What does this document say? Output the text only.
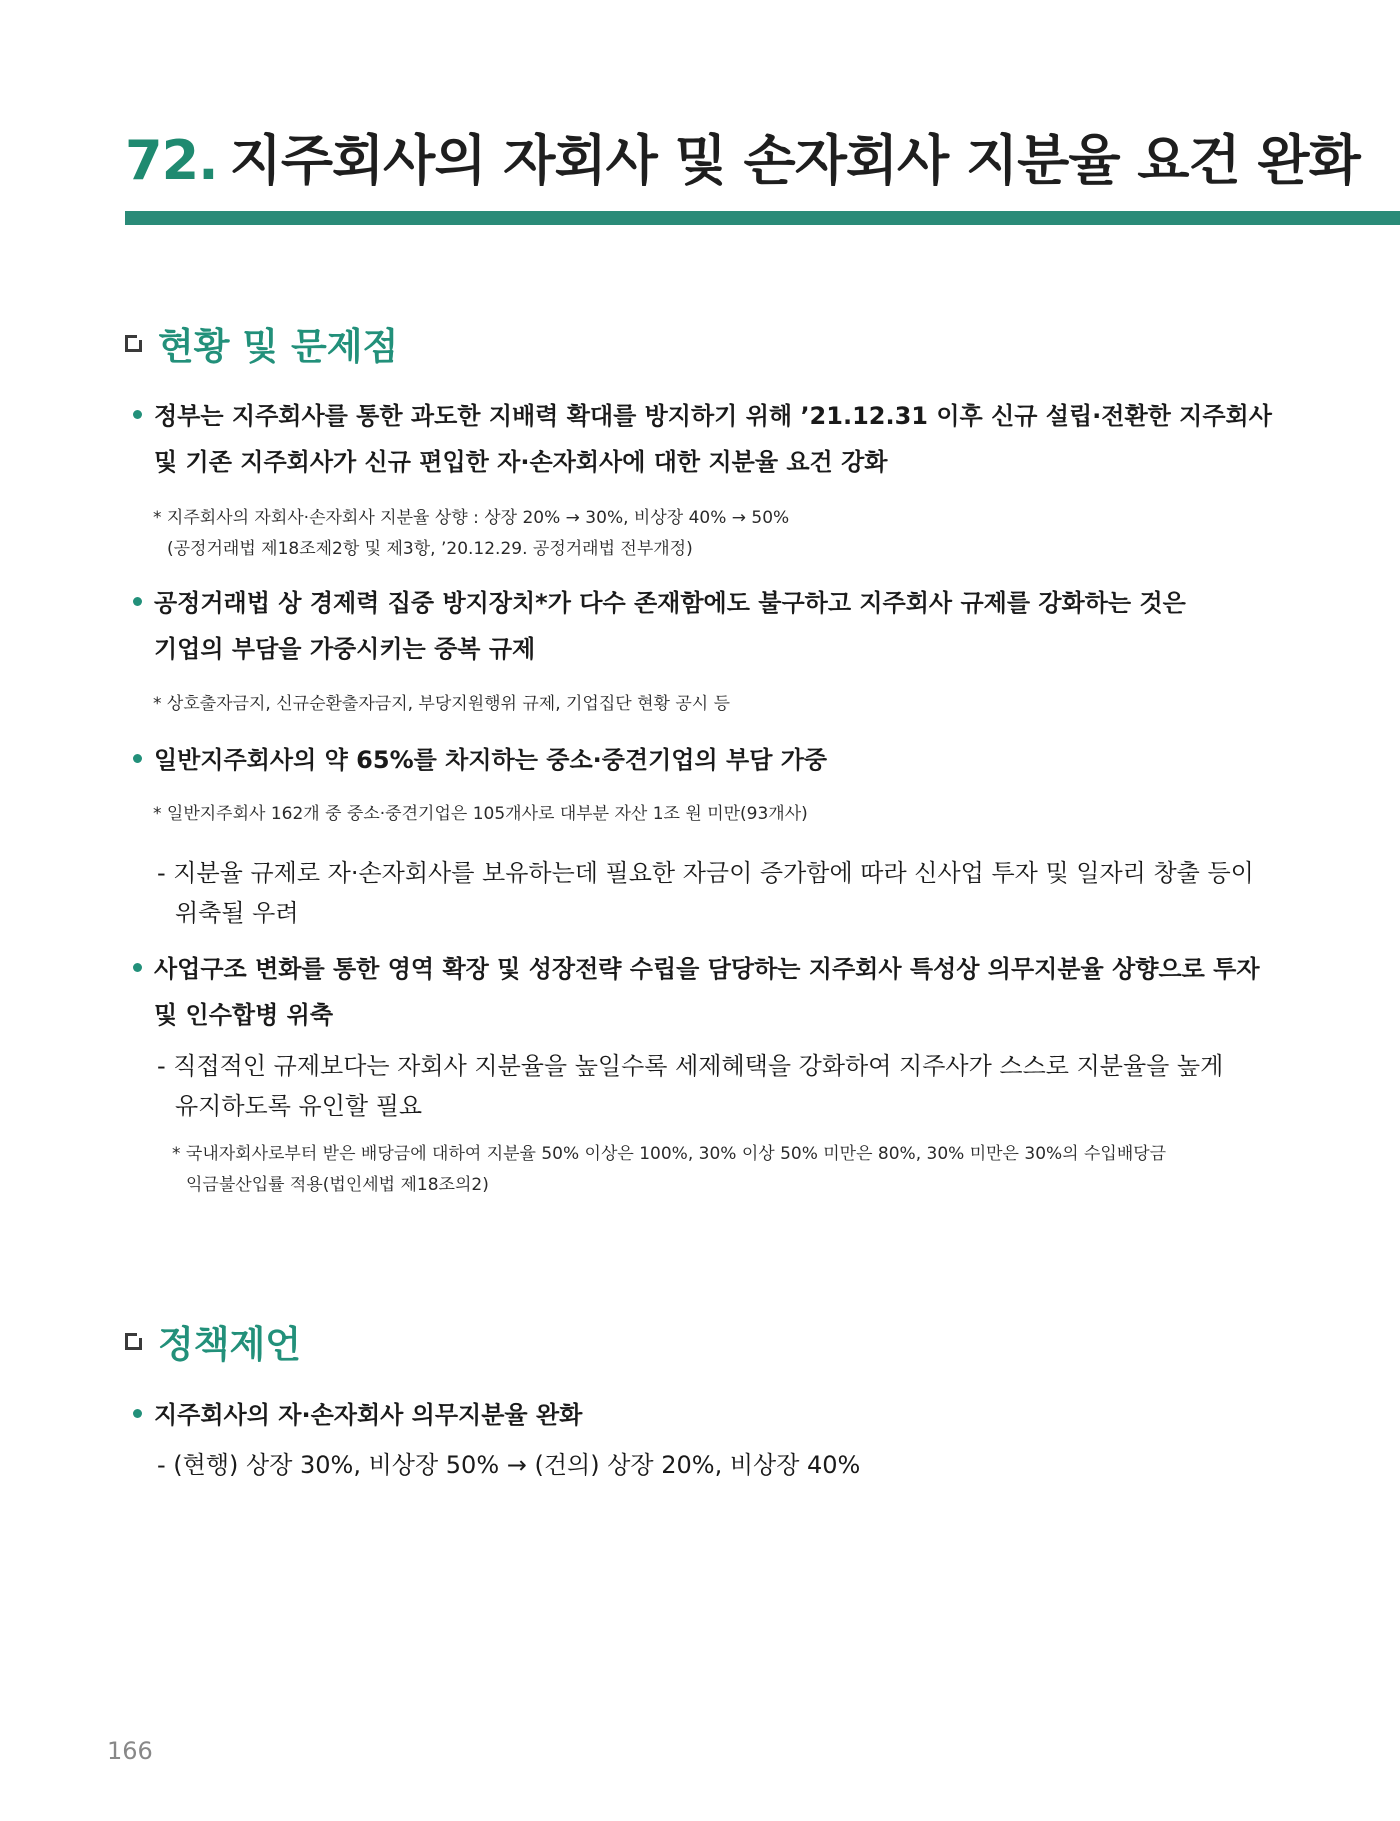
72. 지주회사의 자회사 및 손자회사 지분율 요건 완화
현황 및 문제점
정부는 지주회사를 통한 과도한 지배력 확대를 방지하기 위해 ’21.12.31 이후 신규 설립·전환한 지주회사
및 기존 지주회사가 신규 편입한 자·손자회사에 대한 지분율 요건 강화
* 지주회사의 자회사·손자회사 지분율 상향 : 상장 20% → 30%, 비상장 40% → 50%
(공정거래법 제18조제2항 및 제3항, ’20.12.29. 공정거래법 전부개정)
공정거래법 상 경제력 집중 방지장치*가 다수 존재함에도 불구하고 지주회사 규제를 강화하는 것은
기업의 부담을 가중시키는 중복 규제
* 상호출자금지, 신규순환출자금지, 부당지원행위 규제, 기업집단 현황 공시 등
일반지주회사의 약 65%를 차지하는 중소·중견기업의 부담 가중
* 일반지주회사 162개 중 중소·중견기업은 105개사로 대부분 자산 1조 원 미만(93개사)
- 지분율 규제로 자·손자회사를 보유하는데 필요한 자금이 증가함에 따라 신사업 투자 및 일자리 창출 등이
위축될 우려
사업구조 변화를 통한 영역 확장 및 성장전략 수립을 담당하는 지주회사 특성상 의무지분율 상향으로 투자
및 인수합병 위축
- 직접적인 규제보다는 자회사 지분율을 높일수록 세제혜택을 강화하여 지주사가 스스로 지분율을 높게
유지하도록 유인할 필요
* 국내자회사로부터 받은 배당금에 대하여 지분율 50% 이상은 100%, 30% 이상 50% 미만은 80%, 30% 미만은 30%의 수입배당금
익금불산입률 적용(법인세법 제18조의2)
정책제언
지주회사의 자·손자회사 의무지분율 완화
- (현행) 상장 30%, 비상장 50% → (건의) 상장 20%, 비상장 40%
166
